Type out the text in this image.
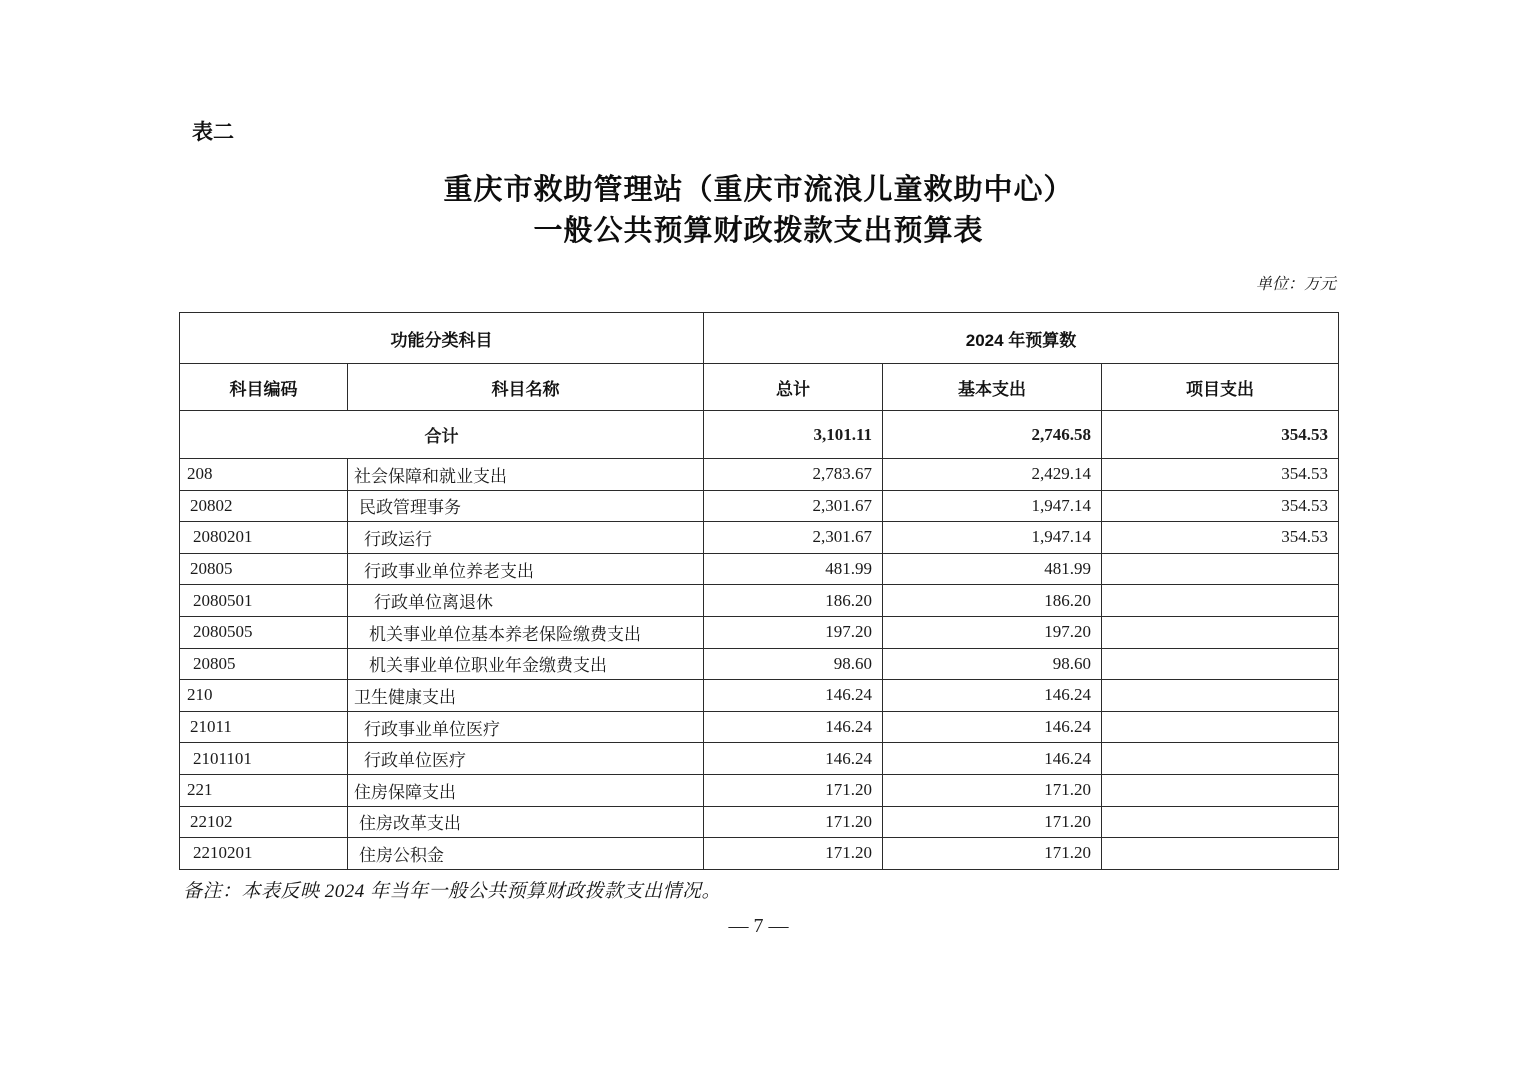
表二
重庆市救助管理站（重庆市流浪儿童救助中心）
一般公共预算财政拨款支出预算表
单位：万元
功能分类科目		2024 年预算数		
科目编码	科目名称	总计	基本支出	项目支出
合计		3,101.11	2,746.58	354.53
208	社会保障和就业支出	2,783.67	2,429.14	354.53
20802	民政管理事务	2,301.67	1,947.14	354.53
2080201	行政运行	2,301.67	1,947.14	354.53
20805	行政事业单位养老支出	481.99	481.99	
2080501	行政单位离退休	186.20	186.20	
2080505	机关事业单位基本养老保险缴费支出	197.20	197.20	
20805	机关事业单位职业年金缴费支出	98.60	98.60	
210	卫生健康支出	146.24	146.24	
21011	行政事业单位医疗	146.24	146.24	
2101101	行政单位医疗	146.24	146.24	
221	住房保障支出	171.20	171.20	
22102	住房改革支出	171.20	171.20	
2210201	住房公积金	171.20	171.20	
备注：本表反映 2024 年当年一般公共预算财政拨款支出情况。
— 7 —
